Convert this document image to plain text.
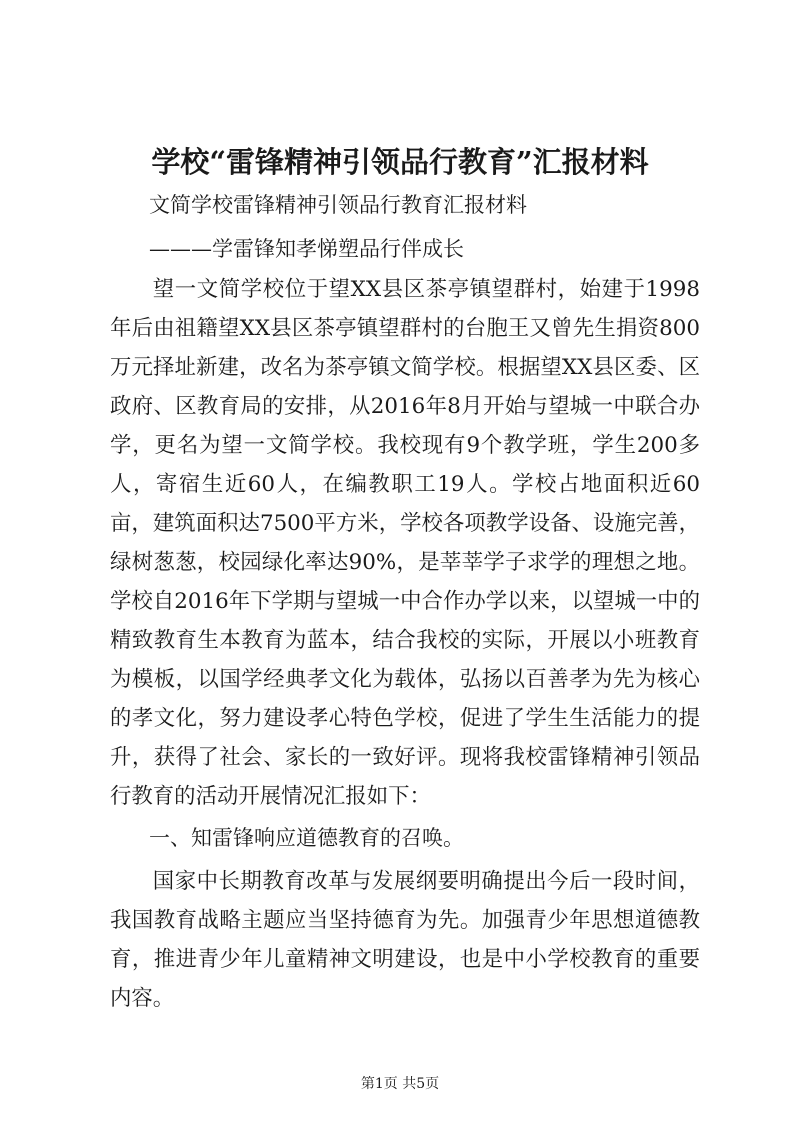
学校“雷锋精神引领品行教育”汇报材料
文简学校雷锋精神引领品行教育汇报材料
———学雷锋知孝悌塑品行伴成长
望一文简学校位于望XX县区茶亭镇望群村，始建于1998年后由祖籍望XX县区茶亭镇望群村的台胞王又曾先生捐资800万元择址新建，改名为茶亭镇文简学校。根据望XX县区委、区政府、区教育局的安排，从2016年8月开始与望城一中联合办学，更名为望一文简学校。我校现有9个教学班，学生200多人，寄宿生近60人，在编教职工19人。学校占地面积近60亩，建筑面积达7500平方米，学校各项教学设备、设施完善，绿树葱葱，校园绿化率达90%，是莘莘学子求学的理想之地。学校自2016年下学期与望城一中合作办学以来，以望城一中的精致教育生本教育为蓝本，结合我校的实际，开展以小班教育为模板，以国学经典孝文化为载体，弘扬以百善孝为先为核心的孝文化，努力建设孝心特色学校，促进了学生生活能力的提升，获得了社会、家长的一致好评。现将我校雷锋精神引领品行教育的活动开展情况汇报如下：
一、知雷锋响应道德教育的召唤。
国家中长期教育改革与发展纲要明确提出今后一段时间，我国教育战略主题应当坚持德育为先。加强青少年思想道德教育，推进青少年儿童精神文明建设，也是中小学校教育的重要内容。
第1页 共5页
